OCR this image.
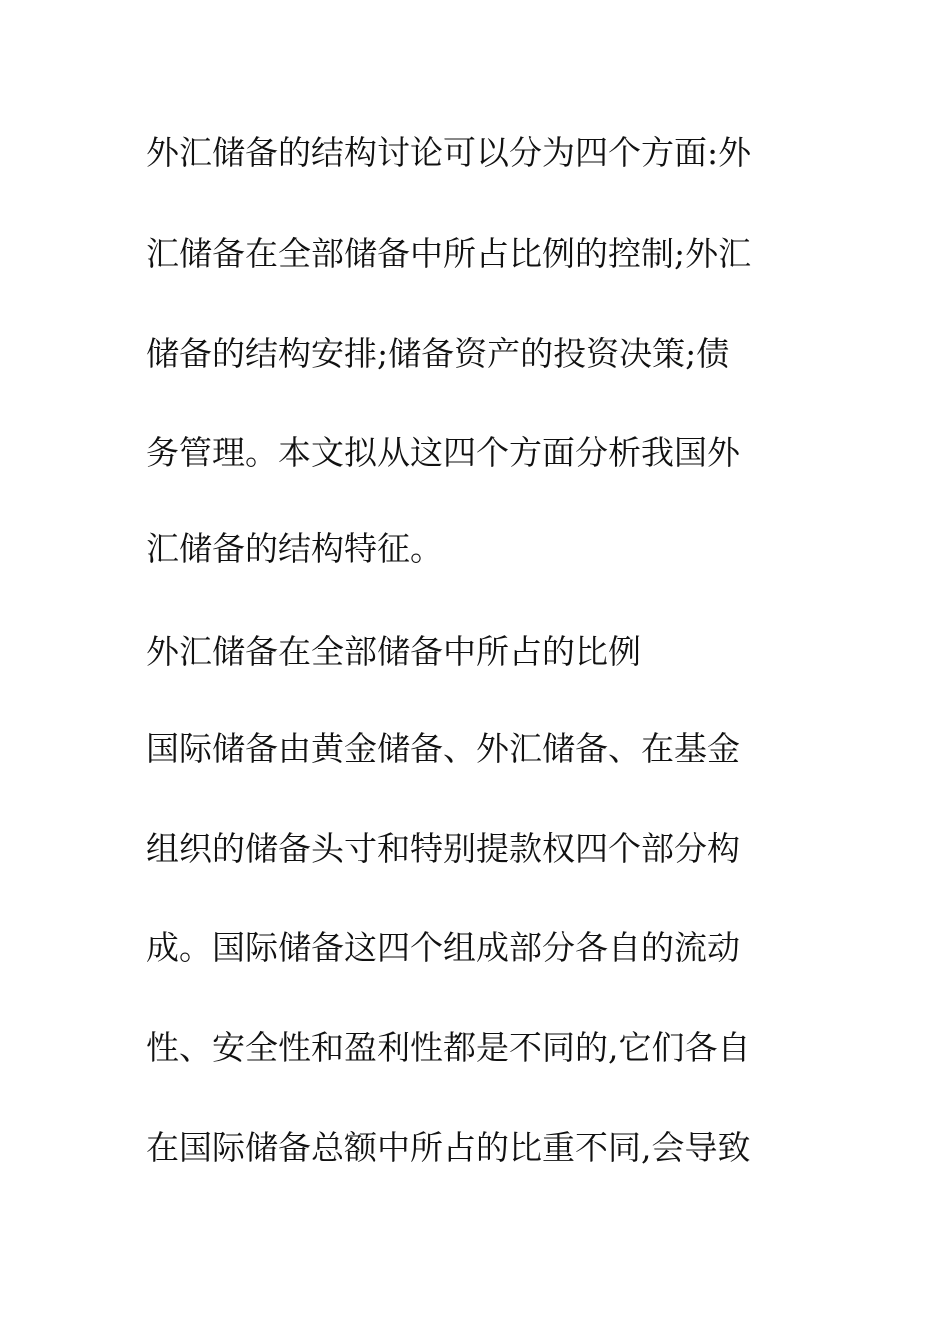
外汇储备的结构讨论可以分为四个方面:外
汇储备在全部储备中所占比例的控制;外汇
储备的结构安排;储备资产的投资决策;债
务管理。本文拟从这四个方面分析我国外
汇储备的结构特征。
外汇储备在全部储备中所占的比例
国际储备由黄金储备、外汇储备、在基金
组织的储备头寸和特别提款权四个部分构
成。国际储备这四个组成部分各自的流动
性、安全性和盈利性都是不同的,它们各自
在国际储备总额中所占的比重不同,会导致
